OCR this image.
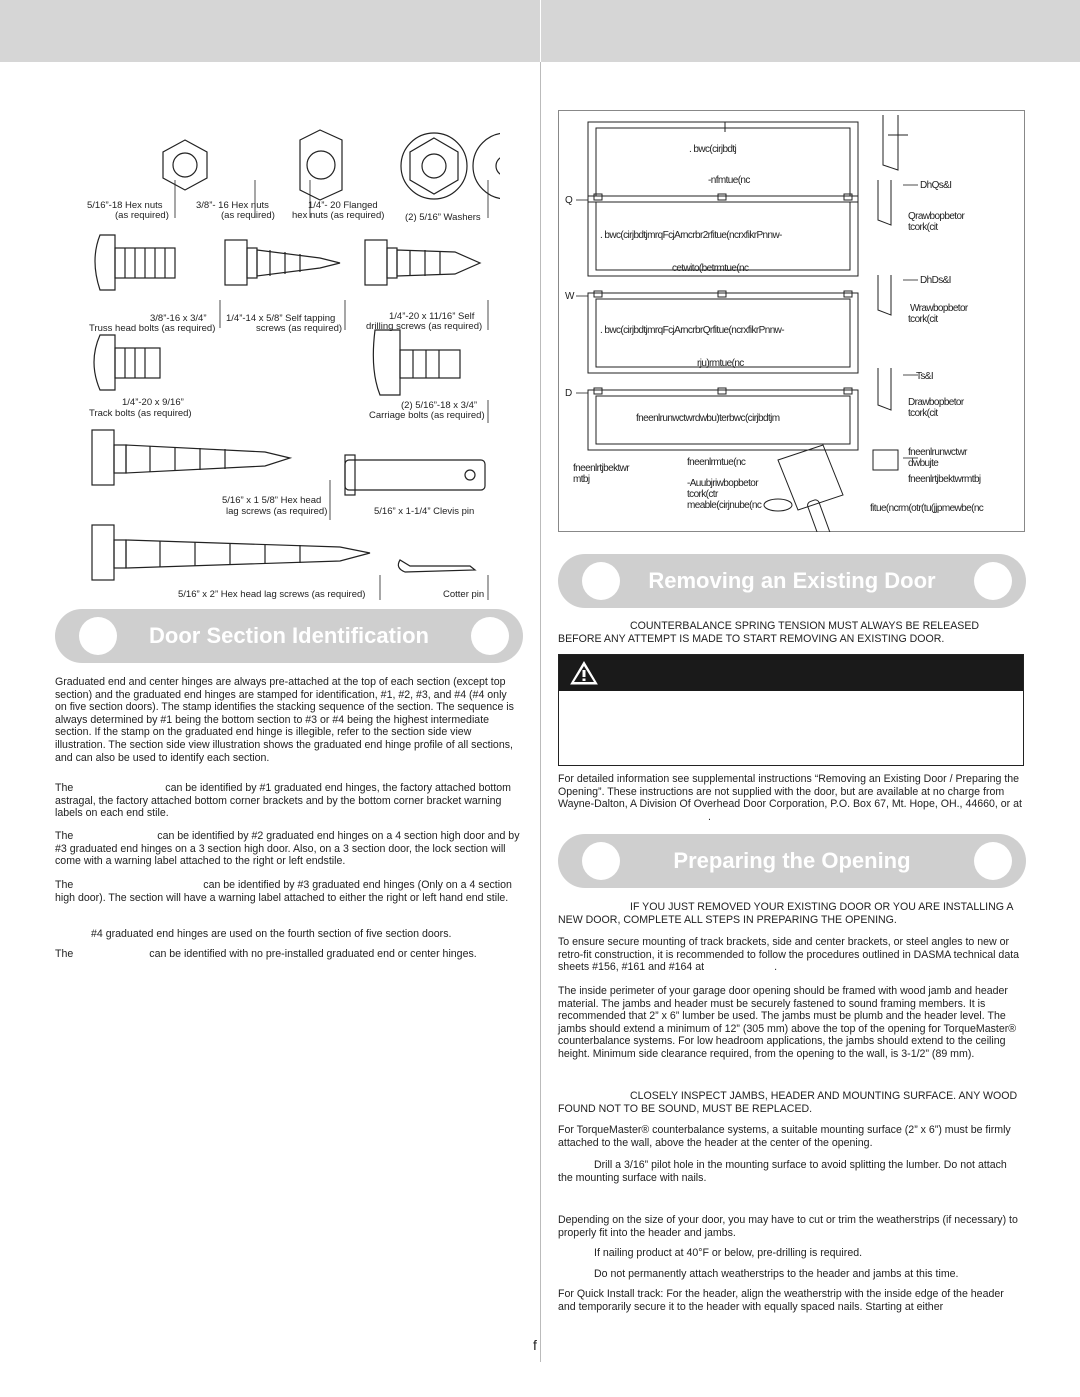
5/16”-18 Hex nuts
(as required)
3/8”- 16 Hex nuts
(as required)
1/4”- 20 Flanged
hex nuts (as required) (2) 5/16” Washers
3/8”-16 x 3/4”
Truss head bolts (as required)
1/4”-14 x 5/8” Self tapping
screws (as required)
1/4”-20 x 11/16” Self
drilling screws (as required)
1/4”-20 x 9/16”
Track bolts (as required)
(2) 5/16”-18 x 3/4”
Carriage bolts (as required)
5/16” x 1 5/8” Hex head
lag screws (as required)	5/16” x 1-1/4” Clevis pin
5/16” x 2” Hex head lag screws (as required)	Cotter pin
Door Section Identification
Graduated end and center hinges are always pre-attached at the top of each section (except top section) and the graduated end hinges are stamped for identification, #1, #2, #3, and #4 (#4 only on five section doors). The stamp identifies the stacking sequence of the section. The sequence is always determined by #1 being the bottom section to #3 or #4 being the highest intermediate section. If the stamp on the graduated end hinge is illegible, refer to the section side view illustration. The section side view illustration shows the graduated end hinge profile of all sections, and can also be used to identify each section.
The	can be identified by #1 graduated end hinges, the factory attached bottom astragal, the factory attached bottom corner brackets and by the bottom corner bracket warning labels on each end stile.
The	can be identified by #2 graduated end hinges on a 4 section high door and by #3 graduated end hinges on a 3 section high door. Also, on a 3 section door, the lock section will come with a warning label attached to the right or left endstile.
The	can be identified by #3 graduated end hinges (Only on a 4 section high door). The section will have a warning label attached to either the right or left hand end stile.
#4 graduated end hinges are used on the fourth section of five section doors.
The	can be identified with no pre-installed graduated end or center hinges.
. bwc(cirjbdtj
-nfmtue(nc
. bwc(cirjbdtjmrqFcjArncrbr2rfitue(ncrxfikrPnnw-
cetwito(betrmtue(nc
. bwc(cirjbdtjmrqFcjArncrbrQrfitue(ncrxfikrPnnw-
rju)rmtue(nc
fneenlrunwctwrdwbu)terbwc(cirjbdtjm
fneenlrtjbektwr
mtbj
fneenlrmtue(nc
-Auubjriwbopbetor
tcork(ctr
meable(cirjnube(nc
Q
W
D
DhQs&I
Qrawbopbetor
tcork(cit
DhDs&I
Wrawbopbetor
tcork(cit
Ts&I
Drawbopbetor
tcork(cit
fneenlrunwctwr
dwbujte
fneenlrtjbektwrmtbj
fitue(ncrm(otr(tu(jjpmewbe(nc
Removing an Existing Door
COUNTERBALANCE SPRING TENSION MUST ALWAYS BE RELEASED BEFORE ANY ATTEMPT IS MADE TO START REMOVING AN EXISTING DOOR.
For detailed information see supplemental instructions “Removing an Existing Door / Preparing the Opening”. These instructions are not supplied with the door, but are available at no charge from Wayne-Dalton, A Division Of Overhead Door Corporation, P.O. Box 67, Mt. Hope, OH., 44660, or at.
Preparing the Opening
IF YOU JUST REMOVED YOUR EXISTING DOOR OR YOU ARE INSTALLING A NEW DOOR, COMPLETE ALL STEPS IN PREPARING THE OPENING.
To ensure secure mounting of track brackets, side and center brackets, or steel angles to new or retro-fit construction, it is recommended to follow the procedures outlined in DASMA technical data sheets #156, #161 and #164 at	.
The inside perimeter of your garage door opening should be framed with wood jamb and header material. The jambs and header must be securely fastened to sound framing members. It is recommended that 2” x 6” lumber be used. The jambs must be plumb and the header level. The jambs should extend a minimum of 12” (305 mm) above the top of the opening for TorqueMaster® counterbalance systems. For low headroom applications, the jambs should extend to the ceiling height. Minimum side clearance required, from the opening to the wall, is 3-1/2” (89 mm).
CLOSELY INSPECT JAMBS, HEADER AND MOUNTING SURFACE. ANY WOOD FOUND NOT TO BE SOUND, MUST BE REPLACED.
For TorqueMaster® counterbalance systems, a suitable mounting surface (2” x 6”) must be firmly attached to the wall, above the header at the center of the opening.
Drill a 3/16” pilot hole in the mounting surface to avoid splitting the lumber. Do not attach the mounting surface with nails.
Depending on the size of your door, you may have to cut or trim the weatherstrips (if necessary) to properly fit into the header and jambs.
If nailing product at 40°F or below, pre-drilling is required.
Do not permanently attach weatherstrips to the header and jambs at this time.
For Quick Install track: For the header, align the weatherstrip with the inside edge of the header and temporarily secure it to the header with equally spaced nails. Starting at either
f
